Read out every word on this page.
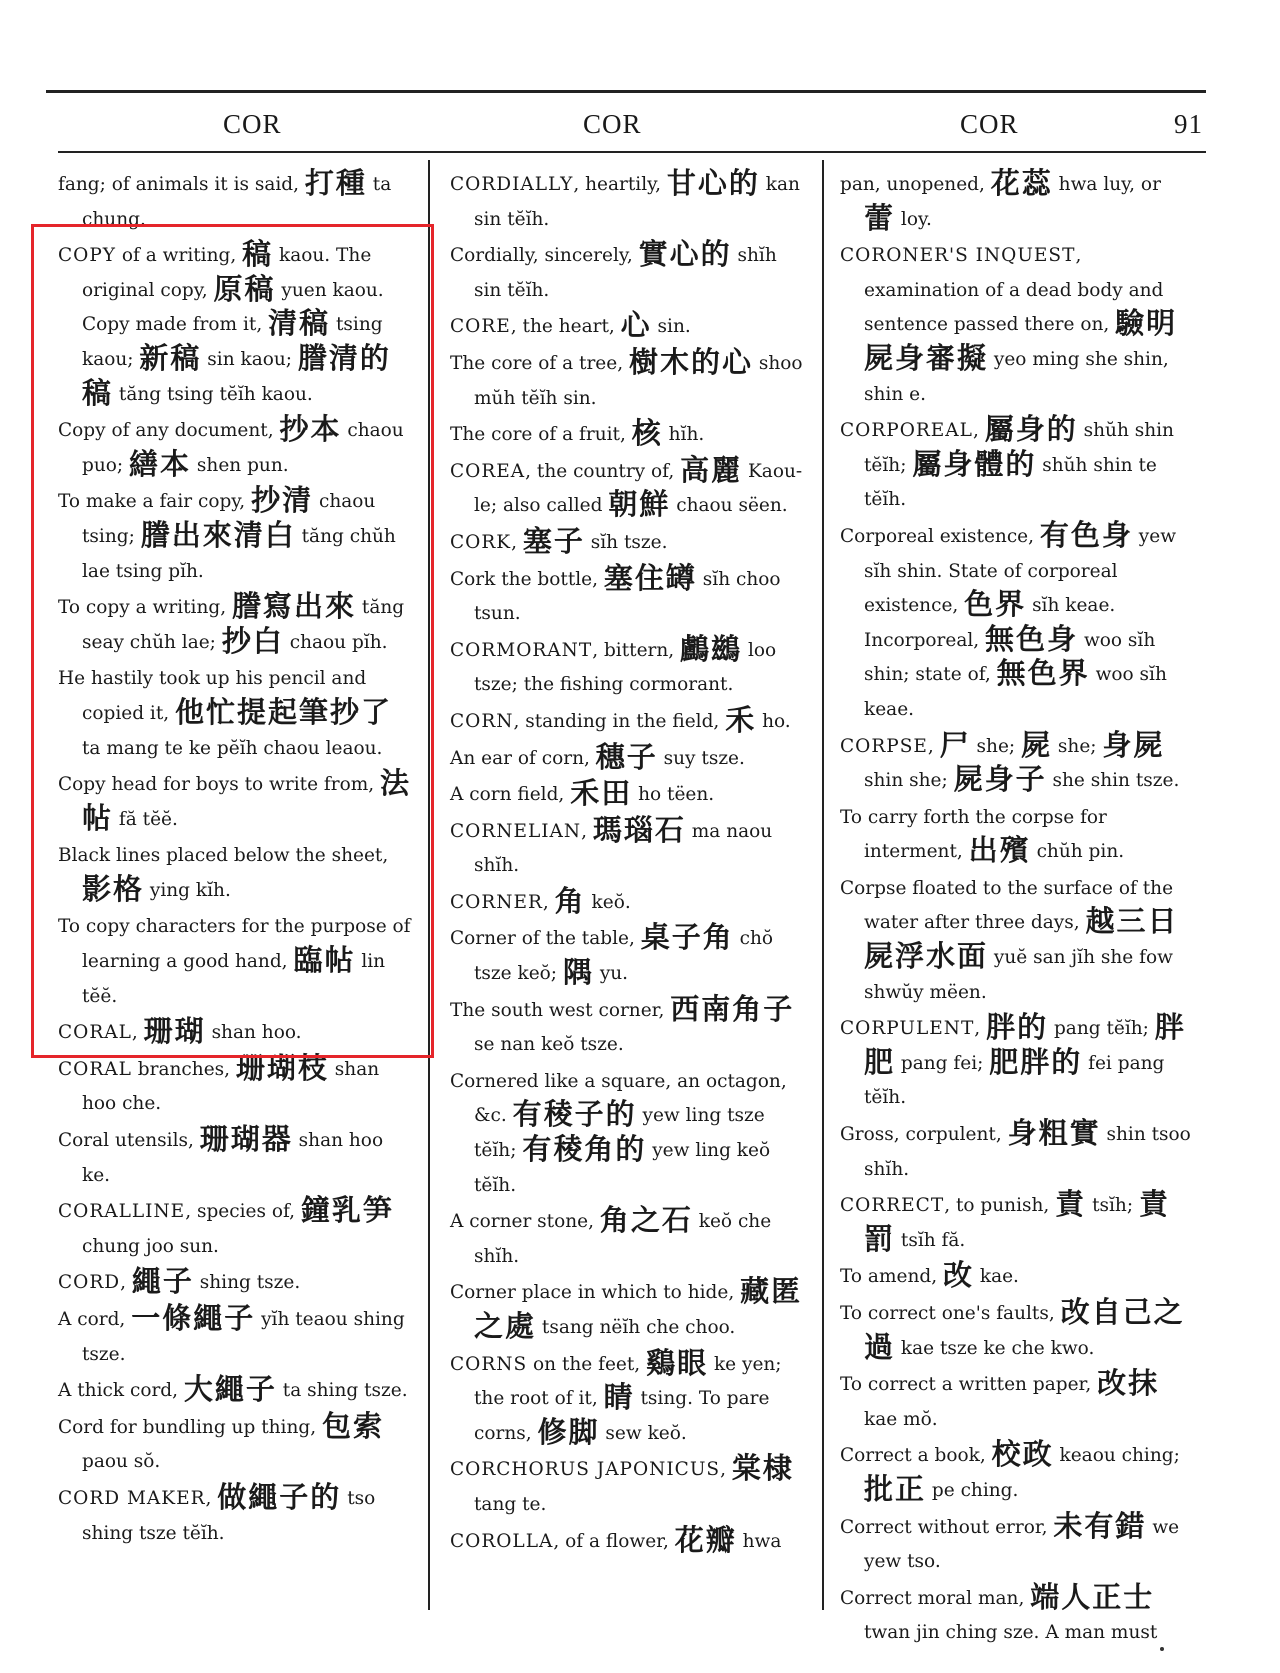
COR	COR	COR	91
fang; of animals it is said, 打種 ta chung.
COPY of a writing, 稿 kaou. The original copy, 原稿 yuen kaou. Copy made from it, 清稿 tsing kaou; 新稿 sin kaou; 謄清的稿 tăng tsing tĕĭh kaou.
Copy of any document, 抄本 chaou puo; 繕本 shen pun.
To make a fair copy, 抄清 chaou tsing; 謄出來清白 tăng chŭh lae tsing pĭh.
To copy a writing, 謄寫出來 tăng seay chŭh lae; 抄白 chaou pĭh.
He hastily took up his pencil and copied it, 他忙提起筆抄了 ta mang te ke pĕĭh chaou leaou.
Copy head for boys to write from, 法帖 fă tĕĕ.
Black lines placed below the sheet, 影格 ying kĭh.
To copy characters for the purpose of learning a good hand, 臨帖 lin tĕĕ.
CORAL, 珊瑚 shan hoo.
CORAL branches, 珊瑚枝 shan hoo che.
Coral utensils, 珊瑚器 shan hoo ke.
CORALLINE, species of, 鐘乳笋 chung joo sun.
CORD, 繩子 shing tsze.
A cord, 一條繩子 yĭh teaou shing tsze.
A thick cord, 大繩子 ta shing tsze.
Cord for bundling up thing, 包索 paou sŏ.
CORD MAKER, 做繩子的 tso shing tsze tĕĭh.
CORDIALLY, heartily, 甘心的 kan sin tĕĭh.
Cordially, sincerely, 實心的 shĭh sin tĕĭh.
CORE, the heart, 心 sin.
The core of a tree, 樹木的心 shoo mŭh tĕĭh sin.
The core of a fruit, 核 hĭh.
COREA, the country of, 高麗 Kaou-le; also called 朝鮮 chaou sëen.
CORK, 塞子 sĭh tsze.
Cork the bottle, 塞住罇 sĭh choo tsun.
CORMORANT, bittern, 鸕鷀 loo tsze; the fishing cormorant.
CORN, standing in the field, 禾 ho.
An ear of corn, 穗子 suy tsze.
A corn field, 禾田 ho tëen.
CORNELIAN, 瑪瑙石 ma naou shĭh.
CORNER, 角 keŏ.
Corner of the table, 桌子角 chŏ tsze keŏ; 隅 yu.
The south west corner, 西南角子 se nan keŏ tsze.
Cornered like a square, an octagon, &c. 有稜子的 yew ling tsze tĕĭh; 有稜角的 yew ling keŏ tĕĭh.
A corner stone, 角之石 keŏ che shĭh.
Corner place in which to hide, 藏匿之處 tsang nëĭh che choo.
CORNS on the feet, 鷄眼 ke yen; the root of it, 睛 tsing. To pare corns, 修脚 sew keŏ.
CORCHORUS JAPONICUS, 棠棣 tang te.
COROLLA, of a flower, 花瓣 hwa
pan, unopened, 花蕊 hwa luy, or 蕾 loy.
CORONER'S INQUEST, examination of a dead body and sentence passed there on, 驗明屍身審擬 yeo ming she shin, shin e.
CORPOREAL, 屬身的 shŭh shin tĕĭh; 屬身體的 shŭh shin te tĕĭh.
Corporeal existence, 有色身 yew sĭh shin. State of corporeal existence, 色界 sĭh keae. Incorporeal, 無色身 woo sĭh shin; state of, 無色界 woo sĭh keae.
CORPSE, 尸 she; 屍 she; 身屍 shin she; 屍身子 she shin tsze.
To carry forth the corpse for interment, 出殯 chŭh pin.
Corpse floated to the surface of the water after three days, 越三日屍浮水面 yuĕ san jĭh she fow shwŭy mëen.
CORPULENT, 胖的 pang tĕĭh; 胖肥 pang fei; 肥胖的 fei pang tĕĭh.
Gross, corpulent, 身粗實 shin tsoo shĭh.
CORRECT, to punish, 責 tsĭh; 責罰 tsĭh fă.
To amend, 改 kae.
To correct one's faults, 改自己之過 kae tsze ke che kwo.
To correct a written paper, 改抹 kae mŏ.
Correct a book, 校政 keaou ching; 批正 pe ching.
Correct without error, 未有錯 we yew tso.
Correct moral man, 端人正士 twan jin ching sze. A man must
